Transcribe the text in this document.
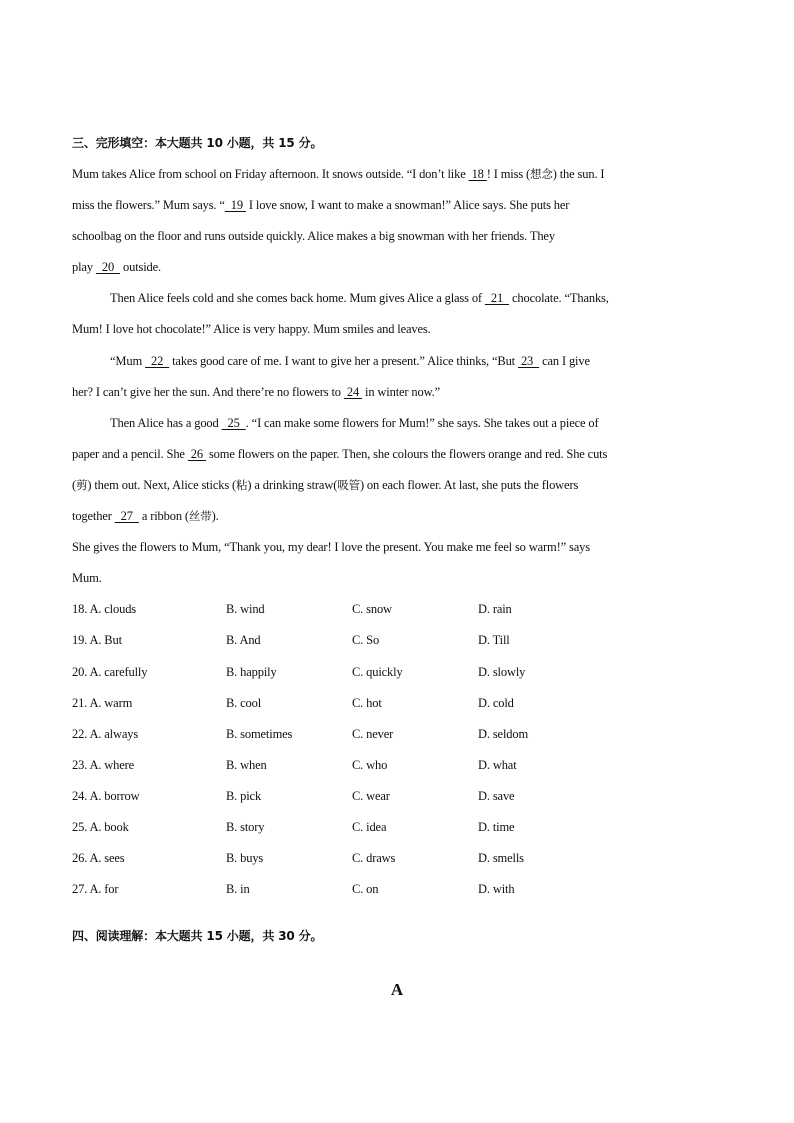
三、完形填空：本大题共 10 小题，共 15 分。
Mum takes Alice from school on Friday afternoon. It snows outside. “I don’t like  18 ! I miss (想念) the sun. I
miss the flowers.” Mum says. “  19  I love snow, I want to make a snowman!” Alice says. She puts her
schoolbag on the floor and runs outside quickly. Alice makes a big snowman with her friends. They
play   20   outside.
Then Alice feels cold and she comes back home. Mum gives Alice a glass of   21   chocolate. “Thanks,
Mum! I love hot chocolate!” Alice is very happy. Mum smiles and leaves.
“Mum   22   takes good care of me. I want to give her a present.” Alice thinks, “But  23   can I give
her? I can’t give her the sun. And there’re no flowers to  24  in winter now.”
Then Alice has a good   25  . “I can make some flowers for Mum!” she says. She takes out a piece of
paper and a pencil. She  26  some flowers on the paper. Then, she colours the flowers orange and red. She cuts
(剪) them out. Next, Alice sticks (粘) a drinking straw(吸管) on each flower. At last, she puts the flowers
together   27   a ribbon (丝带).
She gives the flowers to Mum, “Thank you, my dear! I love the present. You make me feel so warm!” says
Mum.
18. A. clouds	B. wind	C. snow	D. rain
19. A. But	B. And	C. So	D. Till
20. A. carefully	B. happily	C. quickly	D. slowly
21. A. warm	B. cool	C. hot	D. cold
22. A. always	B. sometimes	C. never	D. seldom
23. A. where	B. when	C. who	D. what
24. A. borrow	B. pick	C. wear	D. save
25. A. book	B. story	C. idea	D. time
26. A. sees	B. buys	C. draws	D. smells
27. A. for	B. in	C. on	D. with
四、阅读理解：本大题共 15 小题，共 30 分。
A
